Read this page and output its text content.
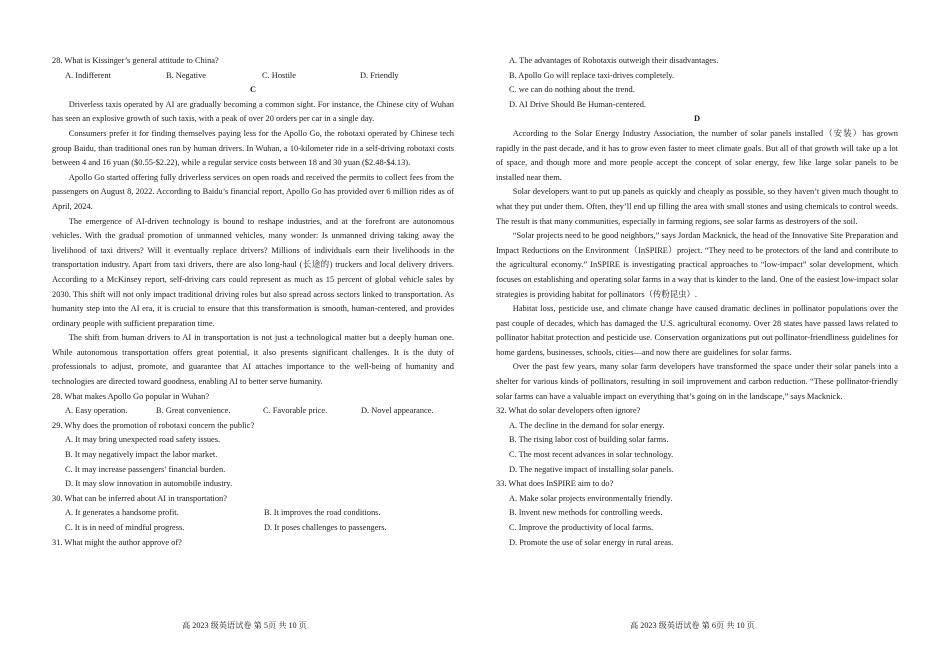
28. What is Kissinger’s general attitude to China?
A. Indifferent	B. Negative	C. Hostile	D. Friendly
C
Driverless taxis operated by AI are gradually becoming a common sight. For instance, the Chinese city of Wuhan has seen an explosive growth of such taxis, with a peak of over 20 orders per car in a single day.
Consumers prefer it for finding themselves paying less for the Apollo Go, the robotaxi operated by Chinese tech group Baidu, than traditional ones run by human drivers. In Wuhan, a 10-kilometer ride in a self-driving robotaxi costs between 4 and 16 yuan ($0.55-$2.22), while a regular service costs between 18 and 30 yuan ($2.48-$4.13).
Apollo Go started offering fully driverless services on open roads and received the permits to collect fees from the passengers on August 8, 2022. According to Baidu’s financial report, Apollo Go has provided over 6 million rides as of April, 2024.
The emergence of AI-driven technology is bound to reshape industries, and at the forefront are autonomous vehicles. With the gradual promotion of unmanned vehicles, many wonder: Is unmanned driving taking away the livelihood of taxi drivers? Will it eventually replace drivers? Millions of individuals earn their livelihoods in the transportation industry. Apart from taxi drivers, there are also long-haul (长途的) truckers and local delivery drivers. According to a McKinsey report, self-driving cars could represent as much as 15 percent of global vehicle sales by 2030. This shift will not only impact traditional driving roles but also spread across sectors linked to transportation. As humanity step into the AI era, it is crucial to ensure that this transformation is smooth, human-centered, and provides ordinary people with sufficient preparation time.
The shift from human drivers to AI in transportation is not just a technological matter but a deeply human one. While autonomous transportation offers great potential, it also presents significant challenges. It is the duty of professionals to adjust, promote, and guarantee that AI attaches importance to the well-being of humanity and technologies are directed toward goodness, enabling AI to better serve humanity.
28. What makes Apollo Go popular in Wuhan?
A. Easy operation.	B. Great convenience.	C. Favorable price.	D. Novel appearance.
29. Why does the promotion of robotaxi concern the public?
A. It may bring unexpected road safety issues.
B. It may negatively impact the labor market.
C. It may increase passengers’ financial burden.
D. It may slow innovation in automobile industry.
30. What can be inferred about AI in transportation?
A. It generates a handsome profit.	B. It improves the road conditions.
C. It is in need of mindful progress.	D. It poses challenges to passengers.
31. What might the author approve of?
A. The advantages of Robotaxis outweigh their disadvantages.
B. Apollo Go will replace taxi-drives completely.
C. we can do nothing about the trend.
D. AI Drive Should Be Human-centered.
D
According to the Solar Energy Industry Association, the number of solar panels installed（安装）has grown rapidly in the past decade, and it has to grow even faster to meet climate goals. But all of that growth will take up a lot of space, and though more and more people accept the concept of solar energy, few like large solar panels to be installed near them.
Solar developers want to put up panels as quickly and cheaply as possible, so they haven’t given much thought to what they put under them. Often, they’ll end up filling the area with small stones and using chemicals to control weeds. The result is that many communities, especially in farming regions, see solar farms as destroyers of the soil.
“Solar projects need to be good neighbors,” says Jordan Macknick, the head of the Innovative Site Preparation and Impact Reductions on the Environment（InSPIRE）project. “They need to be protectors of the land and contribute to the agricultural economy.” InSPIRE is investigating practical approaches to “low-impact” solar development, which focuses on establishing and operating solar farms in a way that is kinder to the land. One of the easiest low-impact solar strategies is providing habitat for pollinators（传粉昆虫）.
Habitat loss, pesticide use, and climate change have caused dramatic declines in pollinator populations over the past couple of decades, which has damaged the U.S. agricultural economy. Over 28 states have passed laws related to pollinator habitat protection and pesticide use. Conservation organizations put out pollinator-friendliness guidelines for home gardens, businesses, schools, cities—and now there are guidelines for solar farms.
Over the past few years, many solar farm developers have transformed the space under their solar panels into a shelter for various kinds of pollinators, resulting in soil improvement and carbon reduction. “These pollinator-friendly solar farms can have a valuable impact on everything that’s going on in the landscape,” says Macknick.
32. What do solar developers often ignore?
A. The decline in the demand for solar energy.
B. The rising labor cost of building solar farms.
C. The most recent advances in solar technology.
D. The negative impact of installing solar panels.
33. What does InSPIRE aim to do?
A. Make solar projects environmentally friendly.
B. Invent new methods for controlling weeds.
C. Improve the productivity of local farms.
D. Promote the use of solar energy in rural areas.
高 2023 级英语试卷 第 5页 共 10 页	高 2023 级英语试卷 第 6页 共 10 页
